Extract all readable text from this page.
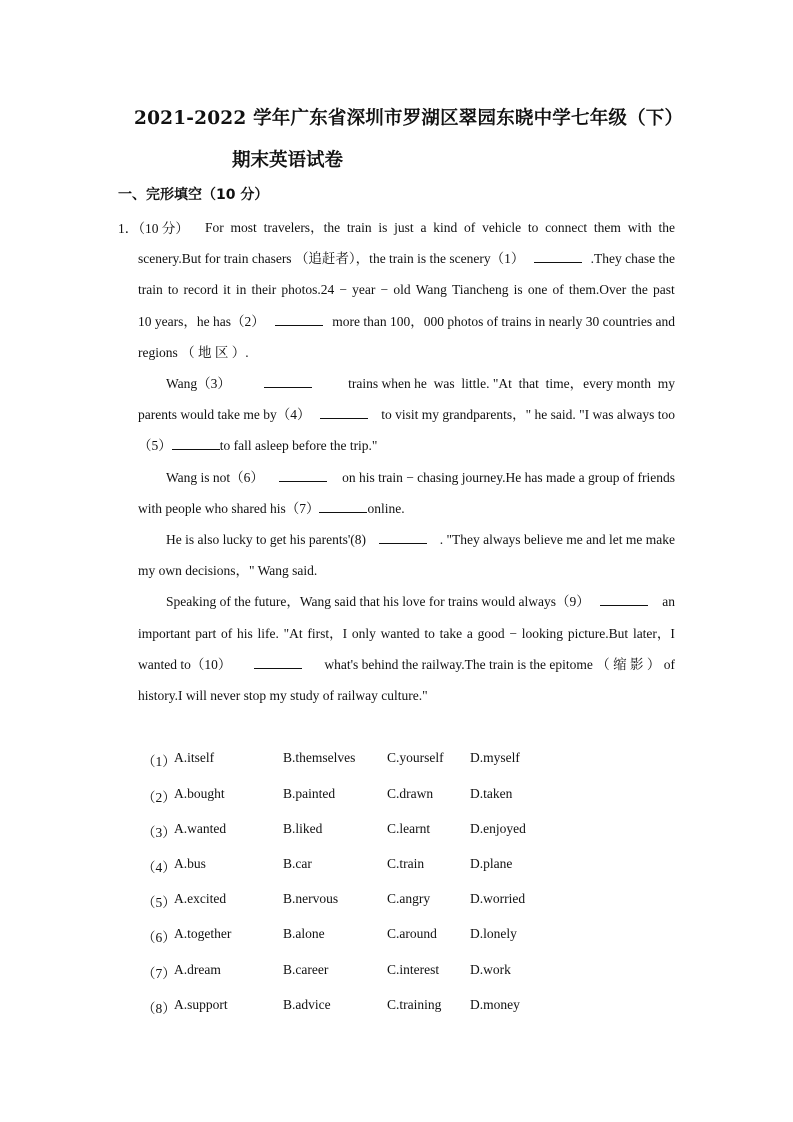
2021-2022 学年广东省深圳市罗湖区翠园东晓中学七年级（下）
期末英语试卷
一、完形填空（10 分）
1．（10 分） For most travelers，the train is just a kind of vehicle to connect them with the
scenery.But for train chasers （追赶者），the train is the scenery（1）	.They chase the
train to record it in their photos.24 − year − old Wang Tiancheng is one of them.Over the past
10 years，he has（2）	more than 100，000 photos of trains in nearly 30 countries and
regions （ 地 区 ）.
Wang（3）	trains when he  was  little. "At  that  time，every month  my
parents would take me by（4）	to visit my grandparents，" he said. "I was always too
（5）	to fall asleep before the trip."
Wang is not（6）	on his train − chasing journey.He has made a group of friends
with people who shared his（7）	online.
He is also lucky to get his parents'(8)	. "They always believe me and let me make
my own decisions，" Wang said.
Speaking of the future，Wang said that his love for trains would always（9）	an
important part of his life. "At first，I only wanted to take a good − looking picture.But later，I
wanted to（10）	what's behind the railway.The train is the epitome （ 缩 影 ） of
history.I will never stop my study of railway culture."
（1）
A.itself	B.themselves C.yourself D.myself
（2）
A.bought	B.painted	C.drawn	D.taken
（3）
A.wanted	B.liked	C.learnt	D.enjoyed
（4）
A.bus	B.car	C.train	D.plane
（5）
A.excited	B.nervous	C.angry	D.worried
（6）
A.together	B.alone	C.around D.lonely
（7）
A.dream	B.career	C.interest D.work
（8）
A.support	B.advice	C.training D.money
